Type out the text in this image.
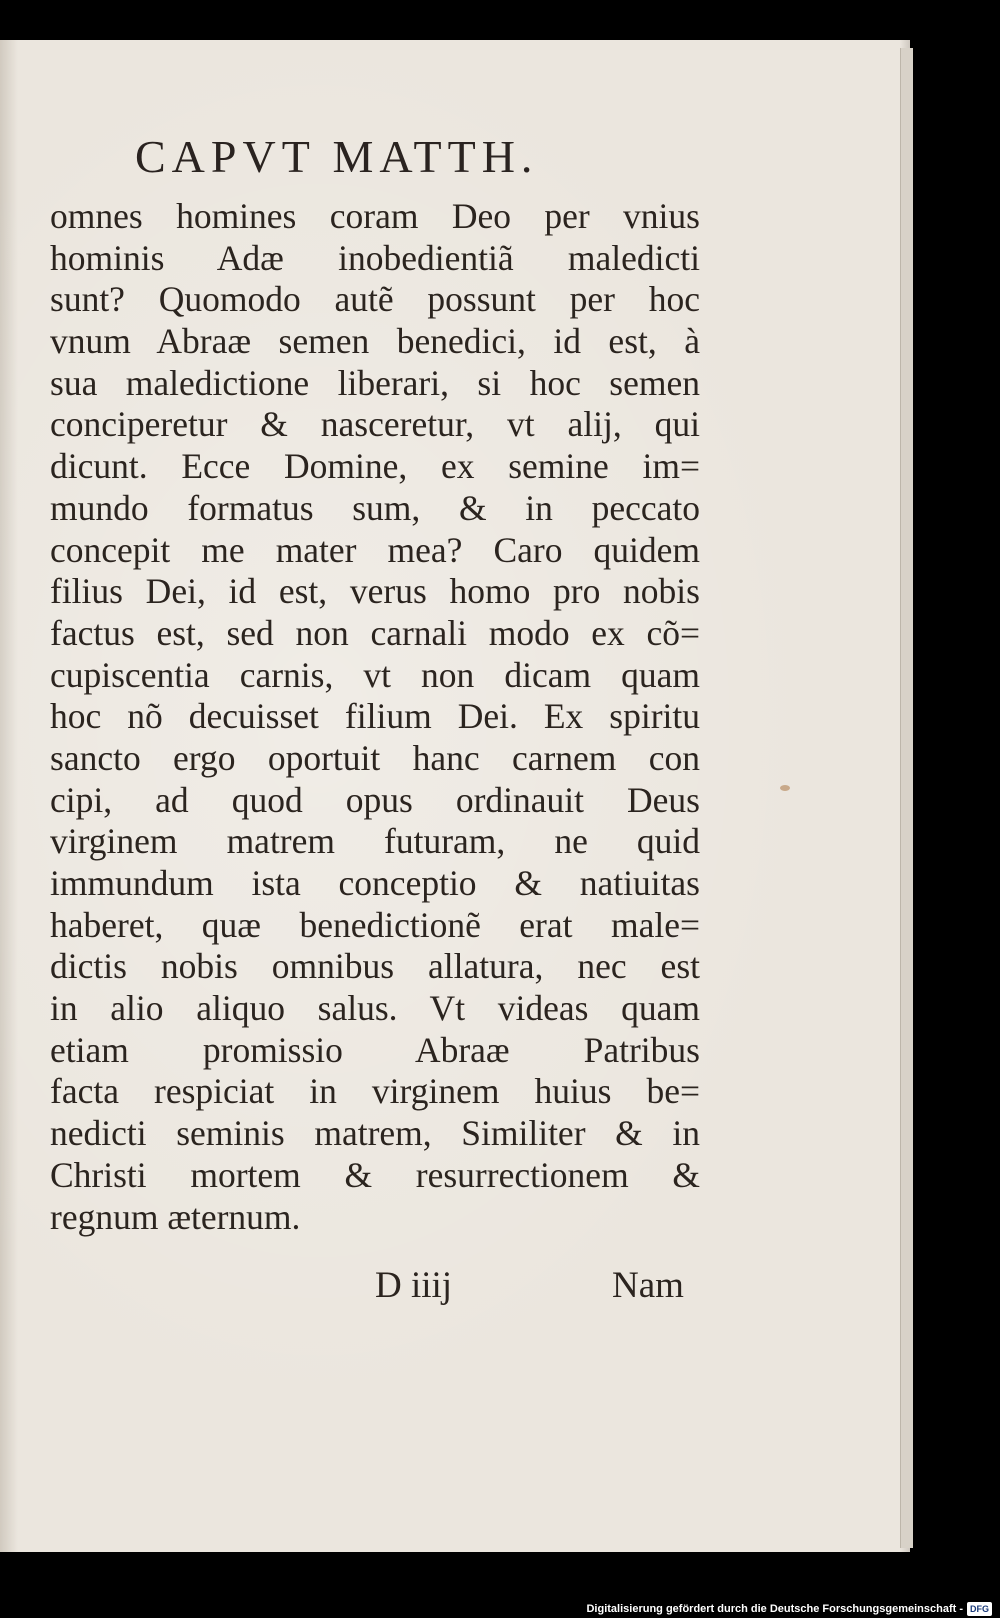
CAPVT MATTH.
omnes homines coram Deo per vnius
hominis Adæ inobedientiã maledicti
sunt? Quomodo autẽ possunt per hoc
vnum Abraæ semen benedici, id est, à
sua maledictione liberari, si hoc semen
conciperetur & nasceretur, vt alij, qui
dicunt. Ecce Domine, ex semine im=
mundo formatus sum, & in peccato
concepit me mater mea? Caro quidem
filius Dei, id est, verus homo pro nobis
factus est, sed non carnali modo ex cõ=
cupiscentia carnis, vt non dicam quam
hoc nõ decuisset filium Dei. Ex spiritu
sancto ergo oportuit hanc carnem con
cipi, ad quod opus ordinauit Deus
virginem matrem futuram, ne quid
immundum ista conceptio & natiuitas
haberet, quæ benedictionẽ erat male=
dictis nobis omnibus allatura, nec est
in alio aliquo salus. Vt videas quam
etiam promissio Abraæ Patribus
facta respiciat in virginem huius be=
nedicti seminis matrem, Similiter & in
Christi mortem & resurrectionem &
regnum æternum.
D iiij	Nam
Digitalisierung gefördert durch die Deutsche Forschungsgemeinschaft - DFG
